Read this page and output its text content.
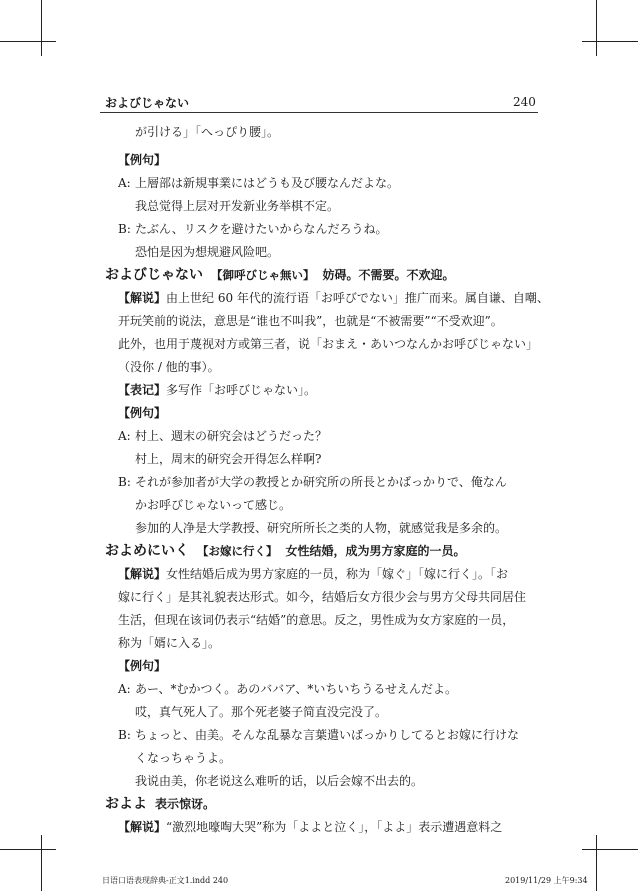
およびじゃない	240
が引ける」「へっぴり腰」。
【例句】
A: 上層部は新規事業にはどうも及び腰なんだよな。
我总觉得上层对开发新业务举棋不定。
B: たぶん、リスクを避けたいからなんだろうね。
恐怕是因为想规避风险吧。
およびじゃない 【御呼びじゃ無い】 妨碍。不需要。不欢迎。
【解说】由上世纪 60 年代的流行语「お呼びでない」推广而来。属自谦、自嘲、
开玩笑前的说法，意思是“谁也不叫我”，也就是“不被需要”“不受欢迎”。
此外，也用于蔑视对方或第三者，说「おまえ・あいつなんかお呼びじゃない」
（没你 / 他的事）。
【表记】多写作「お呼びじゃない」。
【例句】
A: 村上、週末の研究会はどうだった？
村上，周末的研究会开得怎么样啊?
B: それが参加者が大学の教授とか研究所の所長とかばっかりで、俺なん
かお呼びじゃないって感じ。
参加的人净是大学教授、研究所所长之类的人物，就感觉我是多余的。
およめにいく 【お嫁に行く】 女性结婚，成为男方家庭的一员。
【解说】女性结婚后成为男方家庭的一员，称为「嫁ぐ」「嫁に行く」。「お
嫁に行く」是其礼貌表达形式。如今，结婚后女方很少会与男方父母共同居住
生活，但现在该词仍表示“结婚”的意思。反之，男性成为女方家庭的一员，
称为「婿に入る」。
【例句】
A: あー、*むかつく。あのババア、*いちいちうるせえんだよ。
哎，真气死人了。那个死老婆子简直没完没了。
B: ちょっと、由美。そんな乱暴な言葉遣いばっかりしてるとお嫁に行けな
くなっちゃうよ。
我说由美，你老说这么难听的话，以后会嫁不出去的。
およよ 表示惊讶。
【解说】“激烈地嚎啕大哭”称为「よよと泣く」，「よよ」表示遭遇意料之
日语口语表现辞典-正文1.indd 240	2019/11/29 上午9:34
